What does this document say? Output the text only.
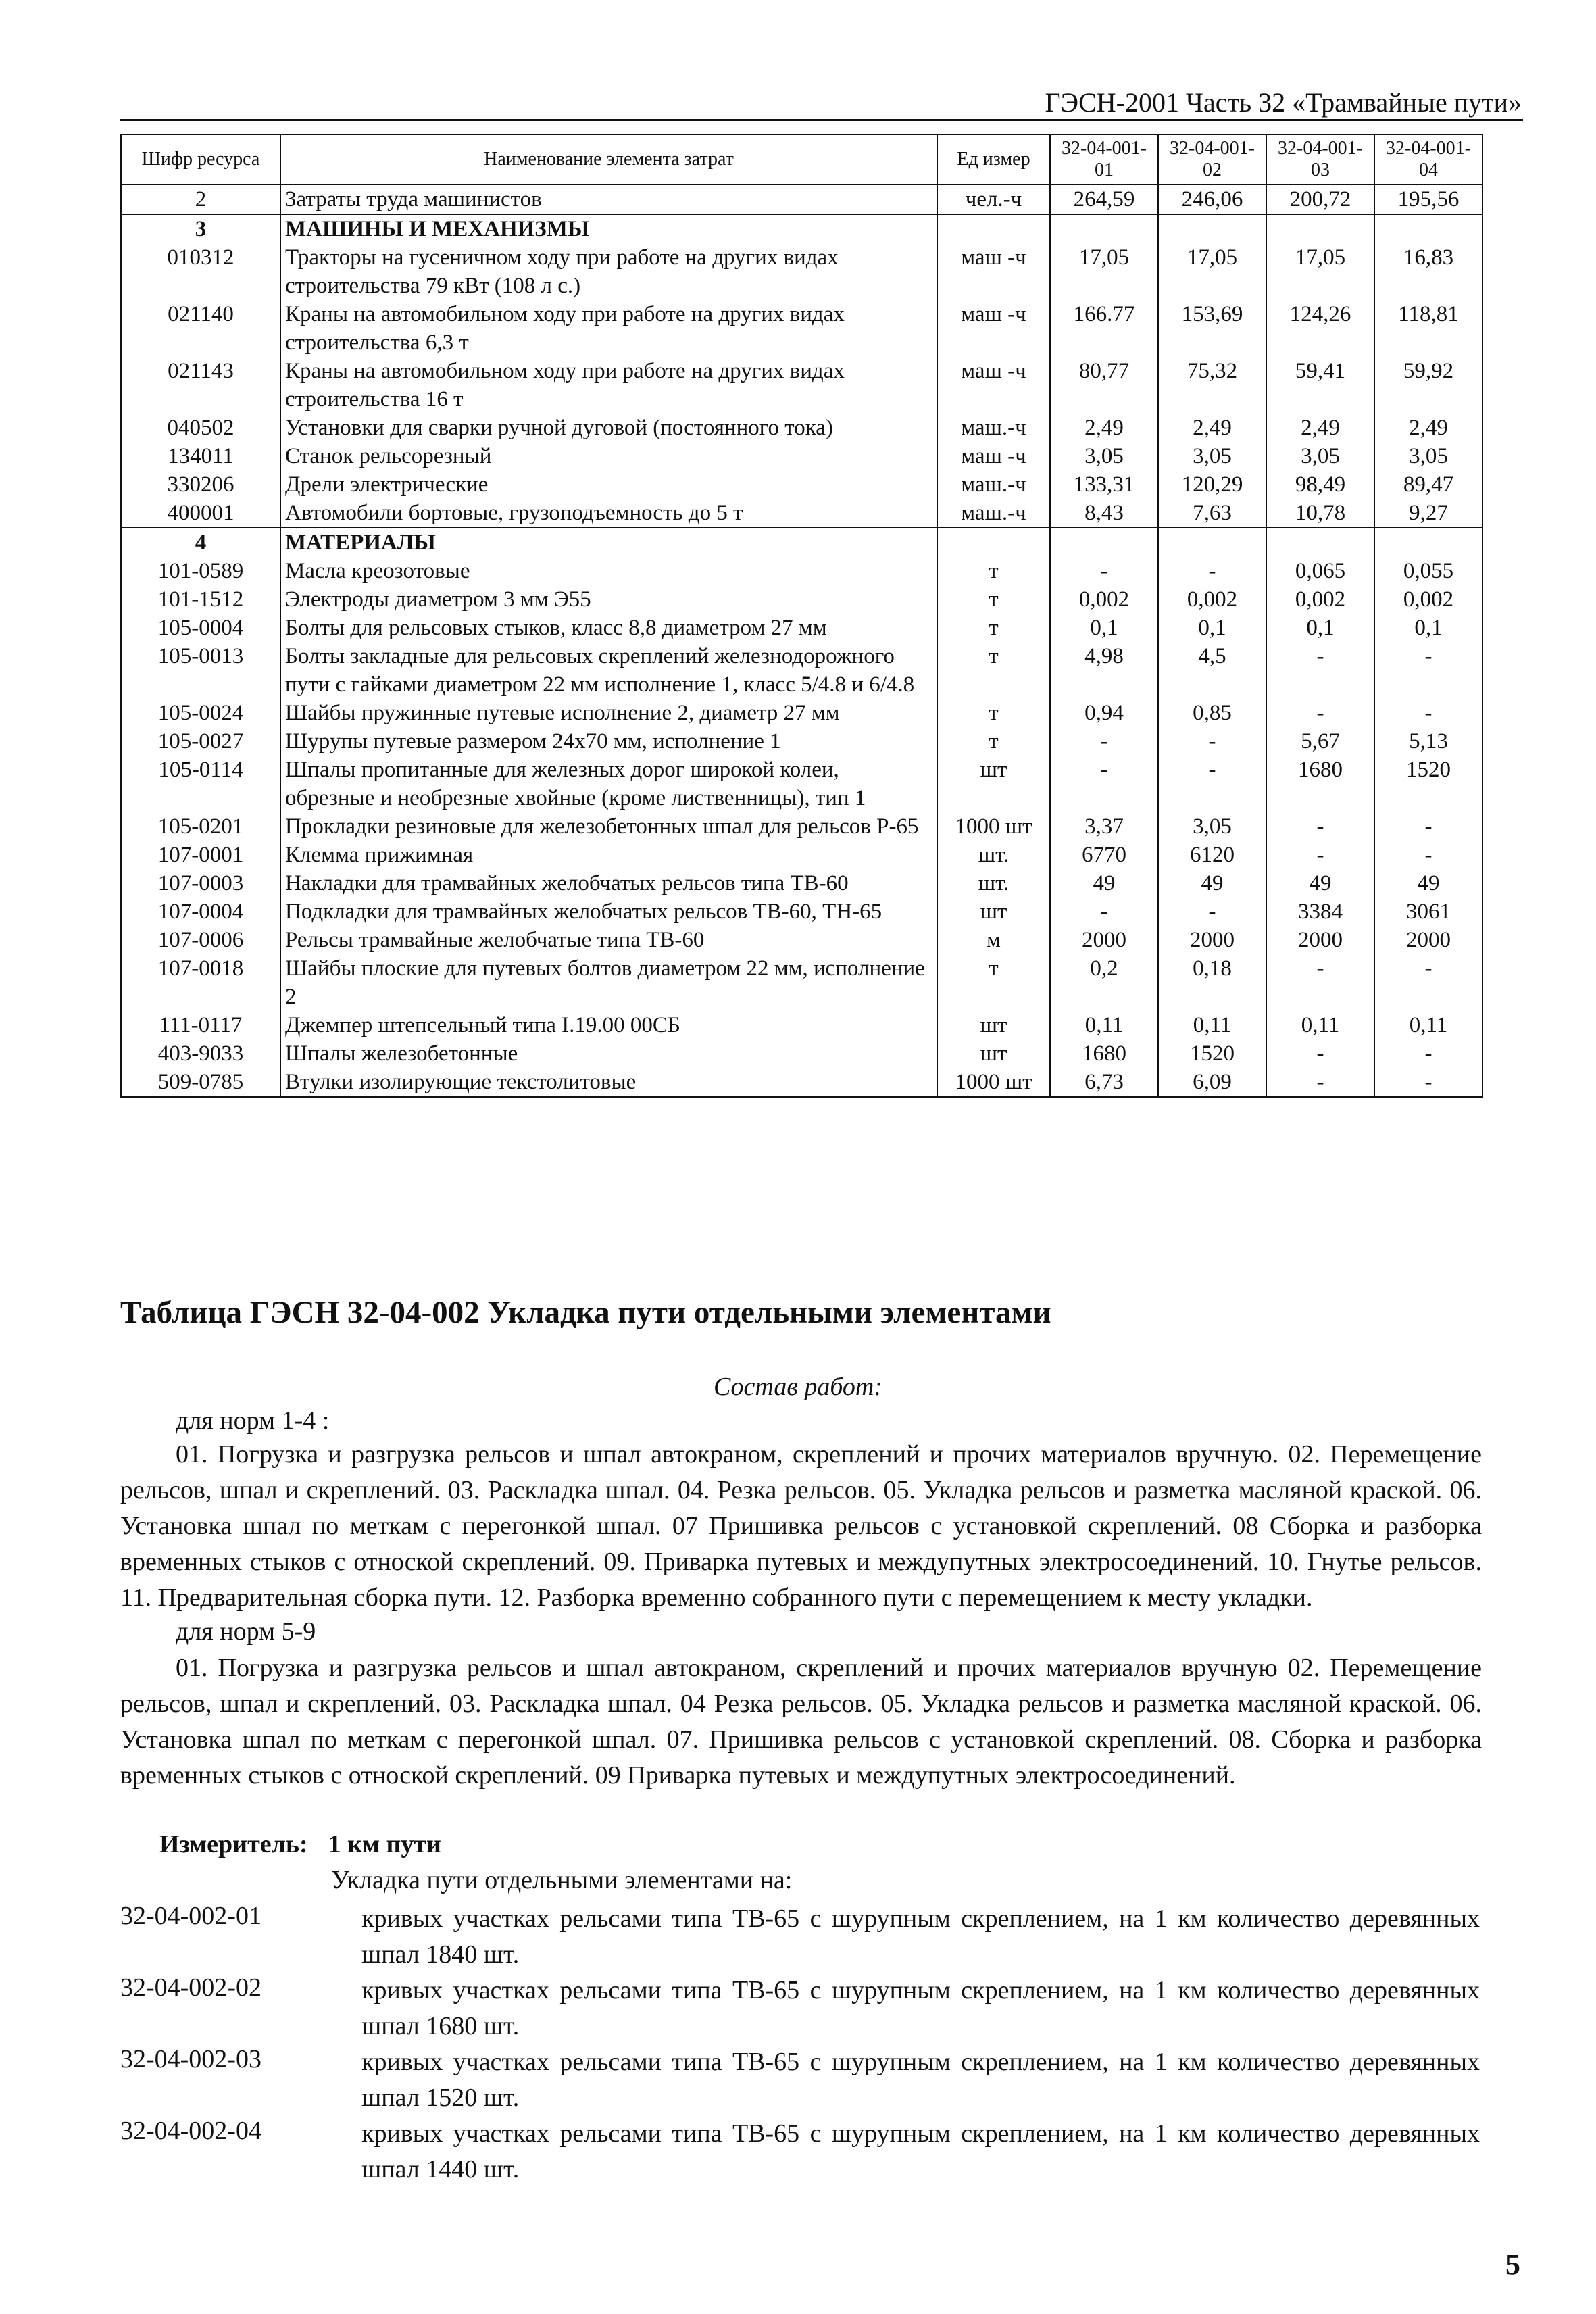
ГЭСН-2001 Часть 32 «Трамвайные пути»
Шифр ресурса	Наименование элемента затрат	Ед измер	32-04-001-01	32-04-001-02	32-04-001-03	32-04-001-04
2	Затраты труда машинистов	чел.-ч	264,59	246,06	200,72	195,56
3	МАШИНЫ И МЕХАНИЗМЫ					
010312	Тракторы на гусеничном ходу при работе на других видах строительства 79 кВт (108 л с.)	маш -ч	17,05	17,05	17,05	16,83
021140	Краны на автомобильном ходу при работе на других видах строительства 6,3 т	маш -ч	166.77	153,69	124,26	118,81
021143	Краны на автомобильном ходу при работе на других видах строительства 16 т	маш -ч	80,77	75,32	59,41	59,92
040502	Установки для сварки ручной дуговой (постоянного тока)	маш.-ч	2,49	2,49	2,49	2,49
134011	Станок рельсорезный	маш -ч	3,05	3,05	3,05	3,05
330206	Дрели электрические	маш.-ч	133,31	120,29	98,49	89,47
400001	Автомобили бортовые, грузоподъемность до 5 т	маш.-ч	8,43	7,63	10,78	9,27
4	МАТЕРИАЛЫ					
101-0589	Масла креозотовые	т	-	-	0,065	0,055
101-1512	Электроды диаметром 3 мм Э55	т	0,002	0,002	0,002	0,002
105-0004	Болты для рельсовых стыков, класс 8,8 диаметром 27 мм	т	0,1	0,1	0,1	0,1
105-0013	Болты закладные для рельсовых скреплений железнодорожного пути с гайками диаметром 22 мм исполнение 1, класс 5/4.8 и 6/4.8	т	4,98	4,5	-	-
105-0024	Шайбы пружинные путевые исполнение 2, диаметр 27 мм	т	0,94	0,85	-	-
105-0027	Шурупы путевые размером 24х70 мм, исполнение 1	т	-	-	5,67	5,13
105-0114	Шпалы пропитанные для железных дорог широкой колеи, обрезные и необрезные хвойные (кроме лиственницы), тип 1	шт	-	-	1680	1520
105-0201	Прокладки резиновые для железобетонных шпал для рельсов Р-65	1000 шт	3,37	3,05	-	-
107-0001	Клемма прижимная	шт.	6770	6120	-	-
107-0003	Накладки для трамвайных желобчатых рельсов типа ТВ-60	шт.	49	49	49	49
107-0004	Подкладки для трамвайных желобчатых рельсов ТВ-60, ТН-65	шт	-	-	3384	3061
107-0006	Рельсы трамвайные желобчатые типа ТВ-60	м	2000	2000	2000	2000
107-0018	Шайбы плоские для путевых болтов диаметром 22 мм, исполнение 2	т	0,2	0,18	-	-
111-0117	Джемпер штепсельный типа I.19.00 00СБ	шт	0,11	0,11	0,11	0,11
403-9033	Шпалы железобетонные	шт	1680	1520	-	-
509-0785	Втулки изолирующие текстолитовые	1000 шт	6,73	6,09	-	-
Таблица ГЭСН 32-04-002 Укладка пути отдельными элементами
Состав работ:
для норм 1-4 :
01. Погрузка и разгрузка рельсов и шпал автокраном, скреплений и прочих материалов вручную. 02. Перемещение рельсов, шпал и скреплений. 03. Раскладка шпал. 04. Резка рельсов. 05. Укладка рельсов и разметка масляной краской. 06. Установка шпал по меткам с перегонкой шпал. 07 Пришивка рельсов с установкой скреплений. 08 Сборка и разборка временных стыков с отноской скреплений. 09. Приварка путевых и междупутных электросоединений. 10. Гнутье рельсов. 11. Предварительная сборка пути. 12. Разборка временно собранного пути с перемещением к месту укладки.
для норм 5-9
01. Погрузка и разгрузка рельсов и шпал автокраном, скреплений и прочих материалов вручную 02. Перемещение рельсов, шпал и скреплений. 03. Раскладка шпал. 04 Резка рельсов. 05. Укладка рельсов и разметка масляной краской. 06. Установка шпал по меткам с перегонкой шпал. 07. Пришивка рельсов с установкой скреплений. 08. Сборка и разборка временных стыков с отноской скреплений. 09 Приварка путевых и междупутных электросоединений.
Измеритель: 1 км пути
Укладка пути отдельными элементами на:
32-04-002-01	кривых участках рельсами типа ТВ-65 с шурупным скреплением, на 1 км количество деревянных шпал 1840 шт.
32-04-002-02	кривых участках рельсами типа ТВ-65 с шурупным скреплением, на 1 км количество деревянных шпал 1680 шт.
32-04-002-03	кривых участках рельсами типа ТВ-65 с шурупным скреплением, на 1 км количество деревянных шпал 1520 шт.
32-04-002-04	кривых участках рельсами типа ТВ-65 с шурупным скреплением, на 1 км количество деревянных шпал 1440 шт.
5
